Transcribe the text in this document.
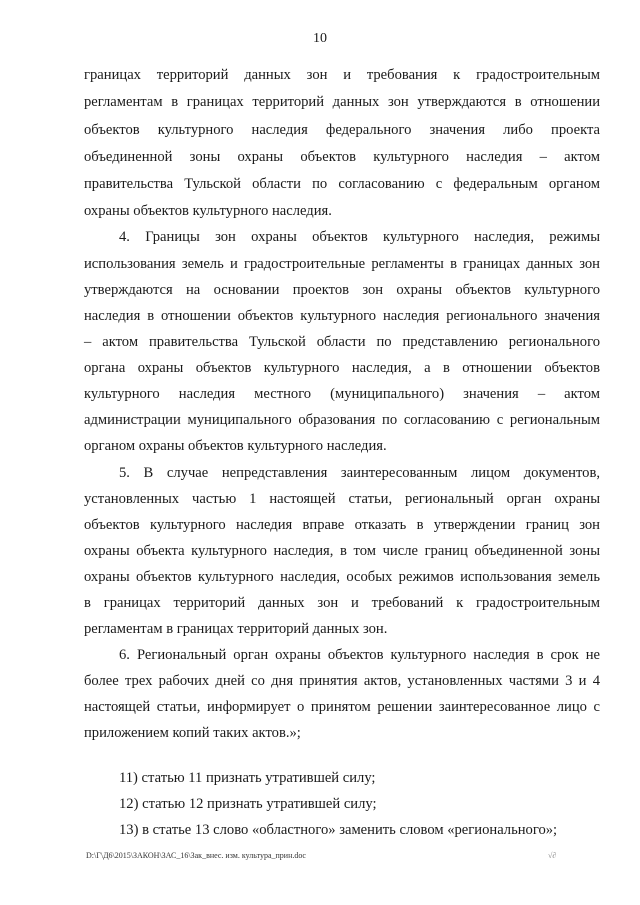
10
границах территорий данных зон и требования к градостроительным
регламентам в границах территорий данных зон утверждаются в отношении
объектов культурного наследия федерального значения либо проекта
объединенной зоны охраны объектов культурного наследия – актом
правительства Тульской области по согласованию с федеральным органом
охраны объектов культурного наследия.
4. Границы зон охраны объектов культурного наследия, режимы
использования земель и градостроительные регламенты в границах данных зон
утверждаются на основании проектов зон охраны объектов культурного
наследия в отношении объектов культурного наследия регионального значения
– актом правительства Тульской области по представлению регионального
органа охраны объектов культурного наследия, а в отношении объектов
культурного наследия местного (муниципального) значения – актом
администрации муниципального образования по согласованию с региональным
органом охраны объектов культурного наследия.
5. В случае непредставления заинтересованным лицом документов,
установленных частью 1 настоящей статьи, региональный орган охраны
объектов культурного наследия вправе отказать в утверждении границ зон
охраны объекта культурного наследия, в том числе границ объединенной зоны
охраны объектов культурного наследия, особых режимов использования земель
в границах территорий данных зон и требований к градостроительным
регламентам в границах территорий данных зон.
6. Региональный орган охраны объектов культурного наследия в срок не
более трех рабочих дней со дня принятия актов, установленных частями 3 и 4
настоящей статьи, информирует о принятом решении заинтересованное лицо с
приложением копий таких актов.»;
11) статью 11 признать утратившей силу;
12) статью 12 признать утратившей силу;
13) в статье 13 слово «областного» заменить словом «регионального»;
D:\Г\Д6\2015\ЗАКОН\ЗАС_16\Зак_внес. изм. культура_прин.doc	√∂
